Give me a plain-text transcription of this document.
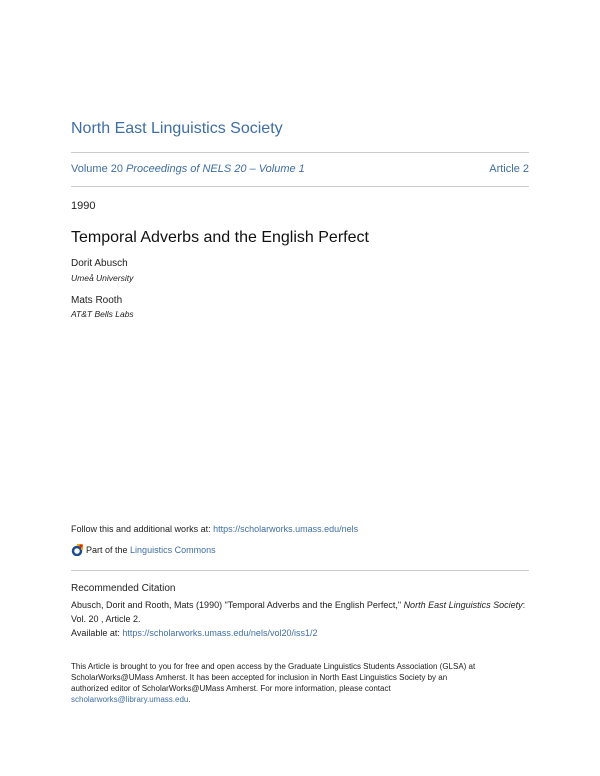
North East Linguistics Society
Volume 20 Proceedings of NELS 20 – Volume 1	Article 2
1990
Temporal Adverbs and the English Perfect
Dorit Abusch
Umeå University
Mats Rooth
AT&T Bells Labs
Follow this and additional works at: https://scholarworks.umass.edu/nels
Part of the
Linguistics Commons
Recommended Citation
Abusch, Dorit and Rooth, Mats (1990) "Temporal Adverbs and the English Perfect," North East Linguistics Society: Vol. 20 , Article 2.
Available at: https://scholarworks.umass.edu/nels/vol20/iss1/2
This Article is brought to you for free and open access by the Graduate Linguistics Students Association (GLSA) at
ScholarWorks@UMass Amherst. It has been accepted for inclusion in North East Linguistics Society by an
authorized editor of ScholarWorks@UMass Amherst. For more information, please contact
scholarworks@library.umass.edu.
